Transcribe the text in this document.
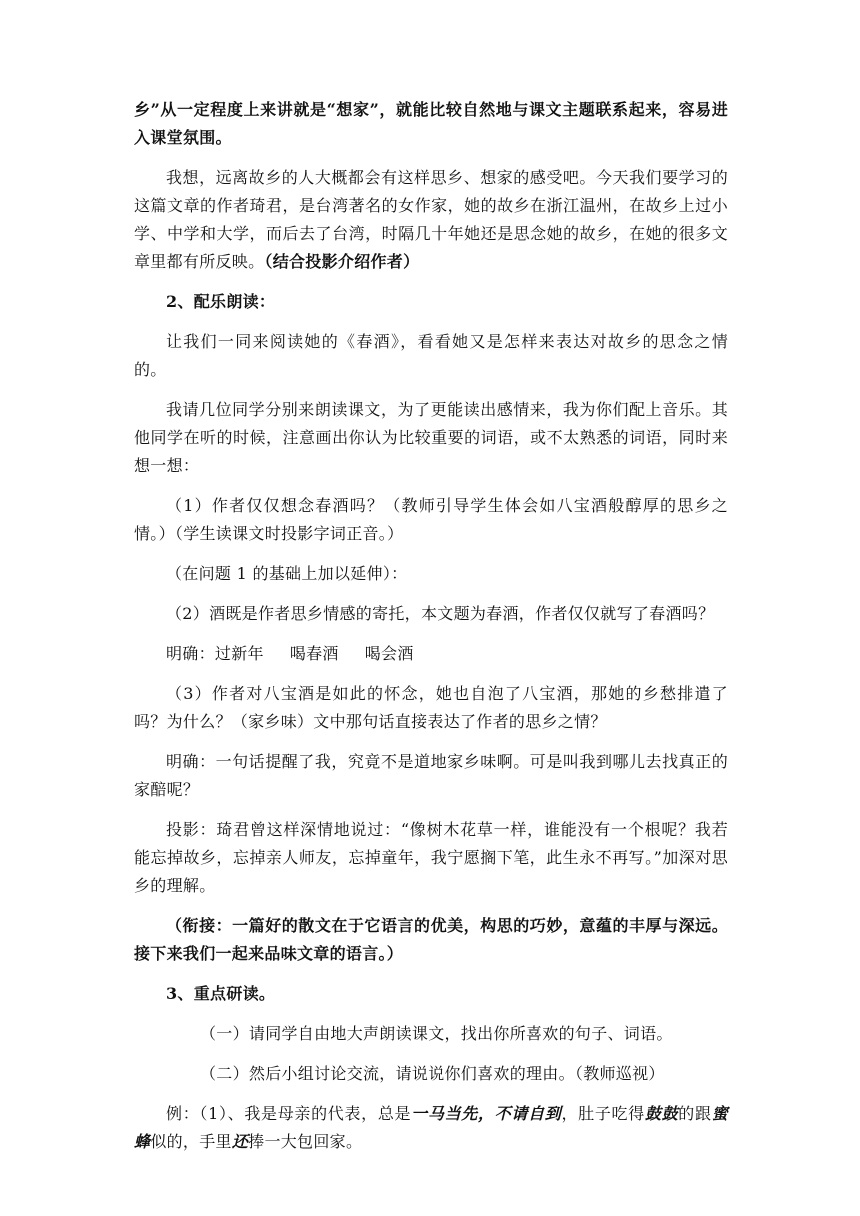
乡”从一定程度上来讲就是“想家”，就能比较自然地与课文主题联系起来，容易进入课堂氛围。

我想，远离故乡的人大概都会有这样思乡、想家的感受吧。今天我们要学习的这篇文章的作者琦君，是台湾著名的女作家，她的故乡在浙江温州，在故乡上过小学、中学和大学，而后去了台湾，时隔几十年她还是思念她的故乡，在她的很多文章里都有所反映。（结合投影介绍作者）

2、配乐朗读：

让我们一同来阅读她的《春酒》，看看她又是怎样来表达对故乡的思念之情的。

我请几位同学分别来朗读课文，为了更能读出感情来，我为你们配上音乐。其他同学在听的时候，注意画出你认为比较重要的词语，或不太熟悉的词语，同时来想一想：

（1）作者仅仅想念春酒吗？（教师引导学生体会如八宝酒般醇厚的思乡之情。）（学生读课文时投影字词正音。）

（在问题 1 的基础上加以延伸）：

（2）酒既是作者思乡情感的寄托，本文题为春酒，作者仅仅就写了春酒吗？

明确：过新年 喝春酒 喝会酒

（3）作者对八宝酒是如此的怀念，她也自泡了八宝酒，那她的乡愁排遣了吗？为什么？（家乡味）文中那句话直接表达了作者的思乡之情？

明确：一句话提醒了我，究竟不是道地家乡味啊。可是叫我到哪儿去找真正的家醅呢？

投影：琦君曾这样深情地说过：“像树木花草一样，谁能没有一个根呢？我若能忘掉故乡，忘掉亲人师友，忘掉童年，我宁愿搁下笔，此生永不再写。”加深对思乡的理解。

（衔接：一篇好的散文在于它语言的优美，构思的巧妙，意蕴的丰厚与深远。接下来我们一起来品味文章的语言。）

3、重点研读。

（一）请同学自由地大声朗读课文，找出你所喜欢的句子、词语。

（二）然后小组讨论交流，请说说你们喜欢的理由。（教师巡视）

例：（1）、我是母亲的代表，总是一马当先，不请自到，肚子吃得鼓鼓的跟蜜蜂似的，手里还捧一大包回家。
